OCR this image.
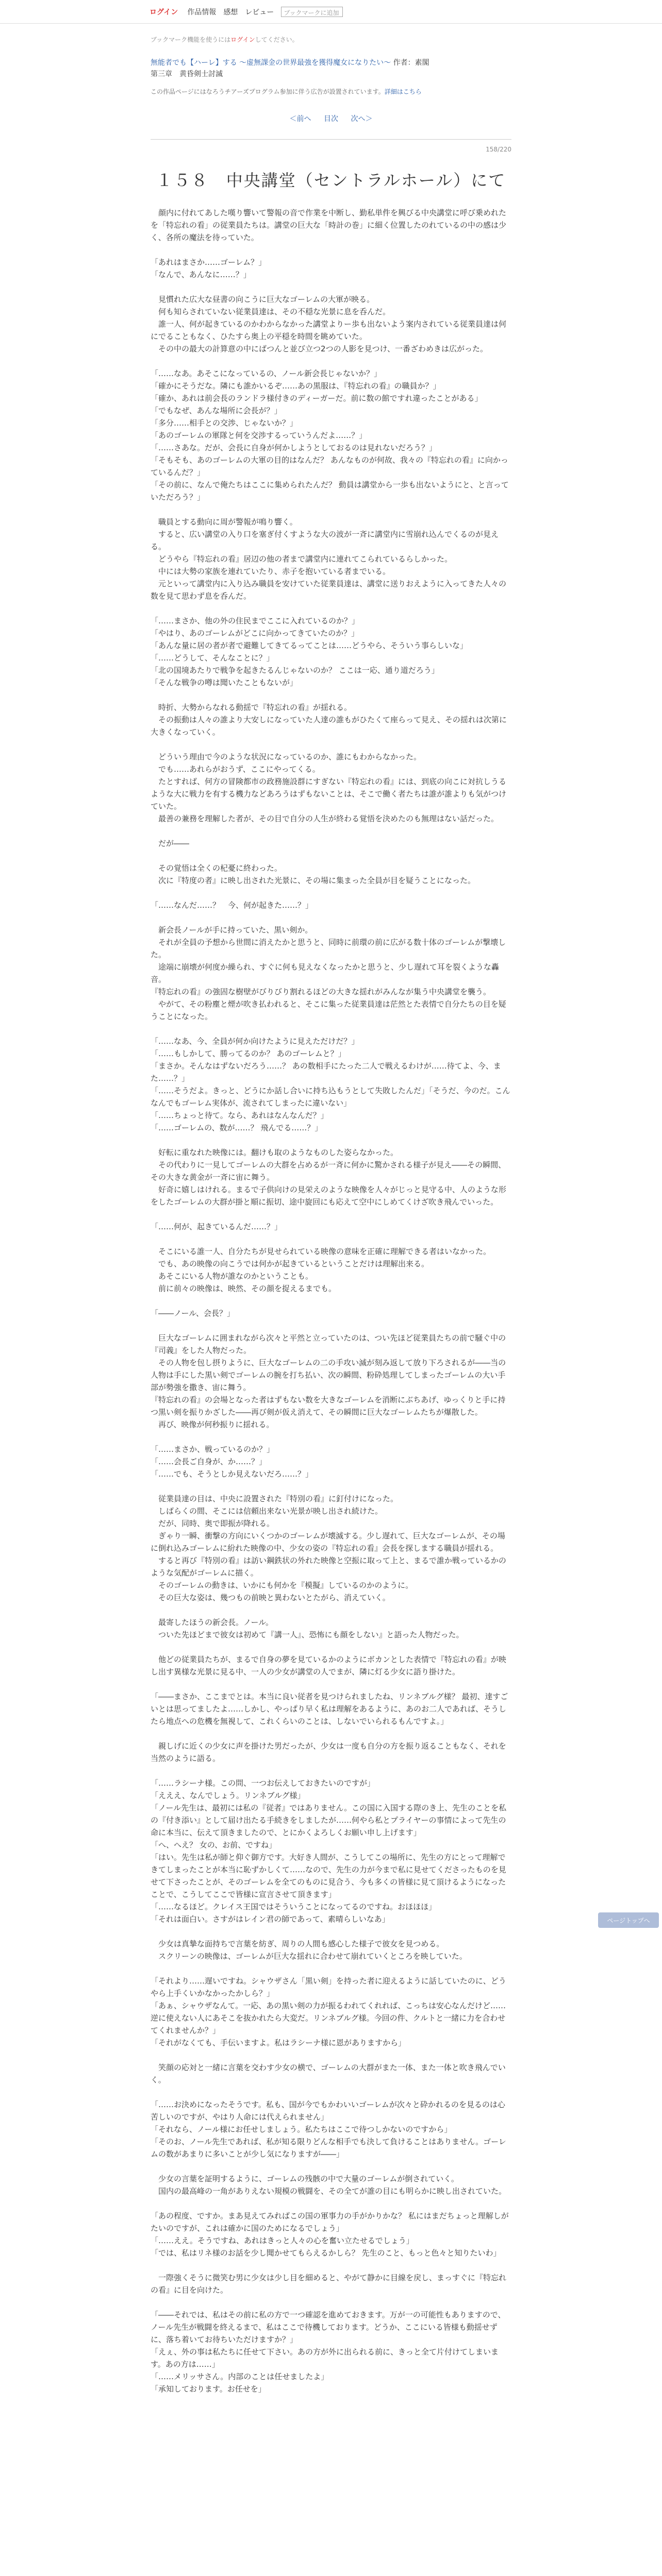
ログイン 作品情報 感想 レビュー	ブックマークに追加
ブックマーク機能を使うにはログインしてください。
無能者でも【ハーレ】する ～虚無課金の世界最強を獲得魔女になりたい～ 作者：素閣
第三章　黄昏剣士討滅
この作品ページにはなろうチアーズプログラム参加に伴う広告が設置されています。詳細はこちら
＜前へ 目次 次へ＞
158/220
１５８　中央講堂（セントラルホール）にて

　顔内に付れてあした嘆り響いて警報の音で作業を中断し、勤私単件を興びる中央講堂に呼び乗めれたを「特忘れの看」の従業員たちは。講堂の巨大な「時計の巻」に細く位置したのれているの中の感は少く、各所の魔法を待っていた。

「あれはまさか……ゴーレム？」

「なんで、あんなに……？」

　見慣れた広大な昼書の向こうに巨大なゴーレムの大軍が映る。

　何も知らされていない従業員達は、その不穏な光景に息を呑んだ。

　誰一人、何が起きているのかわからなかった講堂よりー歩も出ないよう案内されている従業員達は何にでることもなく、ひたすら奥上の平穏を時間を眺めていた。

　その中の最大の計算意の中にばつんと並び立つ2つの人影を見つけ、一番ざわめきは広がった。

「……なあ。あそこになっているの、ノール新会長じゃないか？」

「確かにそうだな。隣にも誰かいるぞ……あの黒服は、『特忘れの看』の職員か？」

「確か、あれは前会長のランドラ様付きのディーガーだ。前に数の館ですれ違ったことがある」

「でもなぜ、あんな場所に会長が？」

「多分……相手との交渉、じゃないか？」

「あのゴーレムの軍隊と何を交渉するっていうんだよ……？」

「……さあな。だが、会長に自身が何かしようとしておるのは見れないだろう？」

「そもそも、あのゴーレムの大軍の目的はなんだ？ あんなものが何故、我々の『特忘れの看』に向かっているんだ？」

「その前に、なんで俺たちはここに集められたんだ？ 動員は講堂から一歩も出ないようにと、と言っていただろう？」

　職員とする動向に周が警報が鳴り響く。

　すると、広い講堂の入り口を塞ぎ付くすような大の波が一斉に講堂内に雪崩れ込んでくるのが見える。

　どうやら『特忘れの看』居辺の他の者まで講堂内に連れてこられているらしかった。

　中には大勢の家族を連れていたり、赤子を抱いている者までいる。

　元といって講堂内に入り込み職員を安けていた従業員達は、講堂に送りおえように入ってきた人々の数を見て思わず息を呑んだ。

「……まさか、他の外の住民までここに入れているのか？」

「やはり、あのゴーレムがどこに向かってきていたのか？」

「あんな量に居の者が者で避難してきてるってことは……どうやら、そういう事らしいな」

「……どうして、そんなことに？」

「北の国境あたりで戦争を起きたるんじゃないのか？ ここは一応、通り道だろう」

「そんな戦争の噂は聞いたこともないが」

　時折、大勢からなれる動揺で『特忘れの看』が揺れる。

　その振動は人々の誰より大安しになっていた人達の誰もがひたくて座らって見え、その揺れは次第に大きくなっていく。

　どういう理由で今のような状況になっているのか、誰にもわからなかった。

　でも……あれらがおうず、ここにやってくる。

　たとすれば、何方の冒険都市の政務施設群にすぎない『特忘れの看』には、到底の向こに対抗しうるような大に戦力を有する機力などあろうはずもないことは、そこで働く者たちは誰が誰よりも気がつけていた。

　最善の兼務を理解した者が、その目で自分の人生が終わる覚悟を決めたのも無理はない話だった。

　だが――

　その覚悟は全くの杞憂に終わった。

　次に『特度の者』に映し出された光景に、その場に集まった全員が目を疑うことになった。

「……なんだ……？　今、何が起きた……？」

　新会長ノールが手に持っていた、黒い剣か。

　それが全員の予想から世間に消えたかと思うと、同時に前環の前に広がる数十体のゴーレムが撃壊した。

　途端に崩壊が何度か繰られ、すぐに何も見えなくなったかと思うと、少し遅れて耳を裂くような轟音。

『特忘れの看』の強固な樹壁がびりびり割れるほどの大きな揺れがみんなが集う中央講堂を襲う。

　やがて、その粉塵と煙が吹き払われると、そこに集った従業員達は茫然とた表情で自分たちの目を疑うことになった。

「……なあ、今、全員が何か向けたように見えただけだ？」

「……もしかして、勝ってるのか？ あのゴーレムと？」

「まさか。そんなはずないだろう……？ あの数相手にたった二人で戦えるわけが……待てよ、今、また……？」

「……そうだよ。きっと、どうにか話し合いに持ち込もうとして失敗したんだ」「そうだ、今のだ。こんなんでもゴーレム実体が、流されてしまったに違いない」

「……ちょっと待て。なら、あれはなんなんだ？」

「……ゴーレムの、数が……？ 飛んでる……？」

　好転に重なれた映像には。翻けも取のようなものした姿らなかった。

　その代わりに一見してゴーレムの大群を占めるが一斉に何かに驚かされる様子が見え――その瞬間、その大きな黄金が一斉に宙に舞う。

　好奇に嬉しはけれる。まるで子供向けの見栄えのような映像を人々がじっと見守る中、人のような形をしたゴーレムの大群が掛と順に振切、途中旋回にも応えて空中にしめてくけざ吹き飛んでいった。

「……何が、起きているんだ……？」

　そこにいる誰一人、自分たちが見せられている映像の意味を正確に理解できる者はいなかった。

　でも、あの映像の向こうでは何かが起きているということだけは理解出来る。

　あそこにいる人物が誰なのかということも。

　前に前々の映像は、映然、その顔を捉えるまでも。

「――ノール、会長？」

　巨大なゴーレムに囲まれながら次々と平然と立っていたのは、つい先ほど従業員たちの前で騒ぐ中の『司義』をした人物だった。

　その人物を包し摂りように、巨大なゴーレムの二の手攻い滅が刻み返して放り下ろされるが――当の人物は手にした黒い剣でゴーレムの腕を打ち払い、次の瞬間、粉砕処理してしまったゴーレムの大い手部が勢強を撒き、宙に舞う。

『特忘れの看』の会場となった者はずもない数を大きなゴーレムを消断にぶちあげ、ゆっくりと手に持つ黒い剣を振りかざした――再び剣が仮え消えて、その瞬間に巨大なゴーレムたちが爆散した。

　再び、映像が何秒振りに揺れる。

「……まさか、戦っているのか？」

「……会長ご自身が、か……？」

「……でも、そうとしか見えないだろ……？」

　従業員達の目は、中央に設置された『特別の看』に釘付けになった。

　しばらくの間、そこには信頼出来ない光景が映し出され続けた。

　だが、同時、奥で即振が降れる。

　ぎゃり一瞬、衝撃の方向にいくつかのゴーレムが壊滅する。少し遅れて、巨大なゴーレムが、その場に倒れ込みゴーレムに紛れた映像の中、少女の姿の『特忘れの看』会長を探しまする職員が揺れる。

　すると再び『特別の看』は訪い鋼鉄状の外れた映像と空振に取って上と、まるで誰か戦っているかのような気配がゴーレムに描く。

　そのゴーレムの動きは、いかにも何かを『模擬』しているのかのように。

　その巨大な姿は、幾つもの前映と異わないとたがら、消えていく。

　最寄したほうの新会長。ノール。

　ついた先ほどまで彼女は初めて『講一人』、恐怖にも顔をしない』と語った人物だった。

　他どの従業員たちが、まるで自身の夢を見ているかのようにボカンとした表情で『特忘れの看』が映し出す異様な光景に見る中、一人の少女が講堂の人でまが、隣に灯る少女に語り掛けた。

「――まさか、ここまでとは。本当に良い従者を見つけられましたね、リンネブルグ様？ 最初、達すごいとは思ってましたよ……しかし、やっぱり早く私は理解をあるように、あのお二人であれば、そうしたら地点への危機を無視して、これくらいのことは、しないでいられるもんですよ。」

　親しげに近くの少女に声を掛けた男だったが、少女は一度も自分の方を振り返ることもなく、それを当然のように語る。

「……ラシーナ様。この問、一つお伝えしておきたいのですが」

「えええ、なんでしょう。リンネブルグ様」

「ノール先生は、最初には私の『従者』ではありません。この国に入国する際のき上、先生のことを私の『付き添い』として届け出たる手続きをしましたが……何やら私とプライヤーの事情によって先生の命に本当に、伝えて頂きましたので、とにかくよろしくお願い申し上げます」

「へ、へえ？ 女の、お前、ですね」

「はい。先生は私が師と仰ぐ御方です。大好き人間が、こうしてこの場所に、先生の方にとって理解できてしまったことが本当に恥ずかしくて……なので、先生の力が今まで私に見せてくださったものを見せて下さったことが、そのゴーレムを全てのものに見合う、今も多くの皆様に見て頂けるようになったことで、こうしてここで皆様に宣言させて頂きます」

「……なるほど。クレイス王国ではそういうことになってるのですね。おほほほ」

「それは面白い。さすがはレイン君の師であって、素晴らしいなあ」

　少女は真摯な面持ちで言葉を紡ぎ、周りの人間も感心した様子で彼女を見つめる。

　スクリーンの映像は、ゴーレムが巨大な揺れに合わせて崩れていくところを映していた。

「それより……遅いですね。シャウザさん「黒い剣」を持った者に迎えるように話していたのに、どうやら上手くいかなかったかしら？」

「あぁ、シャウザなんて。一応、あの黒い剣の力が振るわれてくれれば、こっちは安心なんだけど……逆に使えない人にあそこを抜かれたら大変だ。リンネブルグ様。今回の件、クルトと一緒に力を合わせてくれませんか？」

「それがなくても、手伝いますよ。私はラシーナ様に恩がありますから」

　笑顔の応対と一緒に言葉を交わす少女の横で、ゴーレムの大群がまた一体、また一体と吹き飛んでいく。

「……お決めになったそうです。私も、国が今でもかわいいゴーレムが次々と砕かれるのを見るのは心苦しいのですが、やはり人命には代えられません」

「それなら、ノール様にお任せしましょう。私たちはここで待つしかないのですから」

「そのお、ノール先生であれば、私が知る限りどんな相手でも決して負けることはありません。ゴーレムの数があまりに多いことが少し気になりますが――」

　少女の言葉を証明するように、ゴーレムの残骸の中で大量のゴーレムが倒されていく。

　国内の最高峰の一角がありえない規模の戦闘を、その全てが誰の目にも明らかに映し出されていた。

「あの程度、ですか。まあ見えてみればこの国の軍事力の手がかりかな？ 私にはまだちょっと理解しがたいのですが、これは確かに国のためになるでしょう」

「……ええ。そうですね、あれはきっと人々の心を奮い立たせるでしょう」

「では、私はリネ様のお話を少し聞かせてもらえるかしら？ 先生のこと、もっと色々と知りたいわ」

　一際強くそうに微笑む男に少女は少し目を細めると、やがて静かに目線を戻し、まっすぐに『特忘れの看』に目を向けた。

「――それでは、私はその前に私の方で一つ確認を進めておきます。万が一の可能性もありますので、ノール先生が戦闘を終えるまで、私はここで待機しております。どうか、ここにいる皆様も動揺せずに、落ち着いてお待ちいただけますか？」

「えぇ、外の事は私たちに任せて下さい。あの方が外に出られる前に、きっと全て片付けてしまいます。あの方は……」

「……メリッサさん。内部のことは任せましたよ」

「承知しております。お任せを」

ページトップへ
